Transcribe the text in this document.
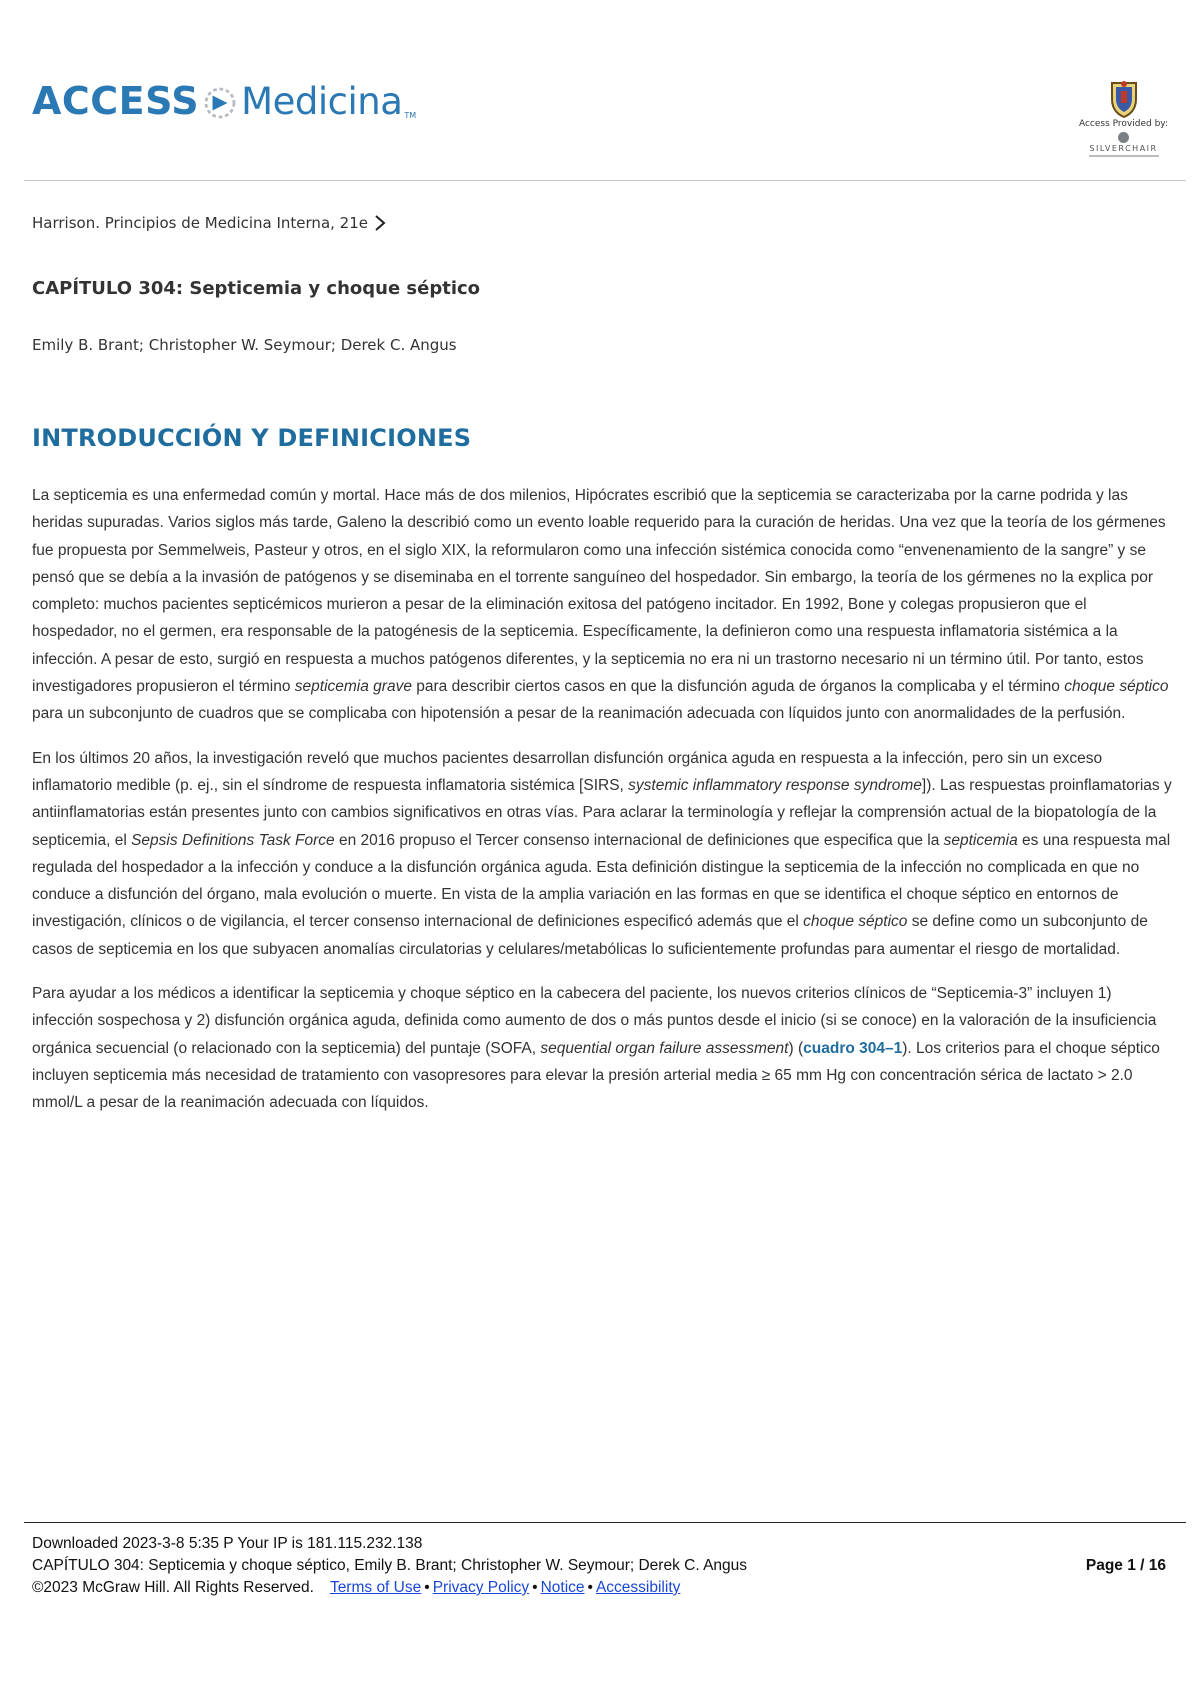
ACCESS Medicina TM
Access Provided by:
SILVERCHAIR
Harrison. Principios de Medicina Interna, 21e
CAPÍTULO 304: Septicemia y choque séptico

Emily B. Brant; Christopher W. Seymour; Derek C. Angus

INTRODUCCIÓN Y DEFINICIONES

La septicemia es una enfermedad común y mortal. Hace más de dos milenios, Hipócrates escribió que la septicemia se caracterizaba por la carne podrida y las heridas supuradas. Varios siglos más tarde, Galeno la describió como un evento loable requerido para la curación de heridas. Una vez que la teoría de los gérmenes fue propuesta por Semmelweis, Pasteur y otros, en el siglo XIX, la reformularon como una infección sistémica conocida como “envenenamiento de la sangre” y se pensó que se debía a la invasión de patógenos y se diseminaba en el torrente sanguíneo del hospedador. Sin embargo, la teoría de los gérmenes no la explica por completo: muchos pacientes septicémicos murieron a pesar de la eliminación exitosa del patógeno incitador. En 1992, Bone y colegas propusieron que el hospedador, no el germen, era responsable de la patogénesis de la septicemia. Específicamente, la definieron como una respuesta inflamatoria sistémica a la infección. A pesar de esto, surgió en respuesta a muchos patógenos diferentes, y la septicemia no era ni un trastorno necesario ni un término útil. Por tanto, estos investigadores propusieron el término septicemia grave para describir ciertos casos en que la disfunción aguda de órganos la complicaba y el término choque séptico para un subconjunto de cuadros que se complicaba con hipotensión a pesar de la reanimación adecuada con líquidos junto con anormalidades de la perfusión.

En los últimos 20 años, la investigación reveló que muchos pacientes desarrollan disfunción orgánica aguda en respuesta a la infección, pero sin un exceso inflamatorio medible (p. ej., sin el síndrome de respuesta inflamatoria sistémica [SIRS, systemic inflammatory response syndrome]). Las respuestas proinflamatorias y antiinflamatorias están presentes junto con cambios significativos en otras vías. Para aclarar la terminología y reflejar la comprensión actual de la biopatología de la septicemia, el Sepsis Definitions Task Force en 2016 propuso el Tercer consenso internacional de definiciones que especifica que la septicemia es una respuesta mal regulada del hospedador a la infección y conduce a la disfunción orgánica aguda. Esta definición distingue la septicemia de la infección no complicada en que no conduce a disfunción del órgano, mala evolución o muerte. En vista de la amplia variación en las formas en que se identifica el choque séptico en entornos de investigación, clínicos o de vigilancia, el tercer consenso internacional de definiciones especificó además que el choque séptico se define como un subconjunto de casos de septicemia en los que subyacen anomalías circulatorias y celulares/metabólicas lo suficientemente profundas para aumentar el riesgo de mortalidad.

Para ayudar a los médicos a identificar la septicemia y choque séptico en la cabecera del paciente, los nuevos criterios clínicos de “Septicemia-3” incluyen 1) infección sospechosa y 2) disfunción orgánica aguda, definida como aumento de dos o más puntos desde el inicio (si se conoce) en la valoración de la insuficiencia orgánica secuencial (o relacionado con la septicemia) del puntaje (SOFA, sequential organ failure assessment) (cuadro 304–1). Los criterios para el choque séptico incluyen septicemia más necesidad de tratamiento con vasopresores para elevar la presión arterial media ≥ 65 mm Hg con concentración sérica de lactato > 2.0 mmol/L a pesar de la reanimación adecuada con líquidos.

Downloaded 2023-3-8 5:35 P Your IP is 181.115.232.138
CAPÍTULO 304: Septicemia y choque séptico, Emily B. Brant; Christopher W. Seymour; Derek C. Angus
©2023 McGraw Hill. All Rights Reserved. Terms of Use • Privacy Policy • Notice • Accessibility
Page 1 / 16
